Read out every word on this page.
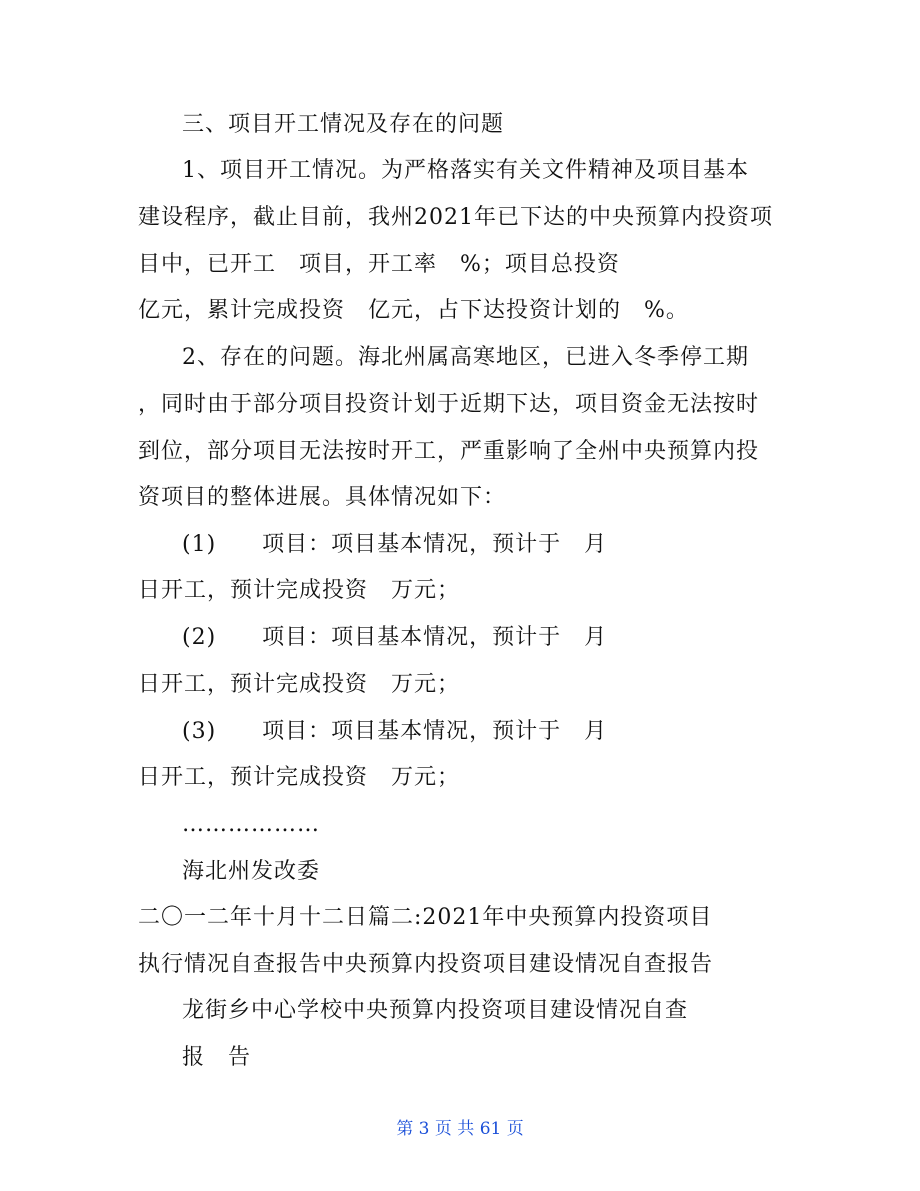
三、项目开工情况及存在的问题
1、项目开工情况。为严格落实有关文件精神及项目基本
建设程序，截止目前，我州2021年已下达的中央预算内投资项
目中，已开工　项目，开工率　%；项目总投资
亿元，累计完成投资　亿元，占下达投资计划的　%。
2、存在的问题。海北州属高寒地区，已进入冬季停工期
，同时由于部分项目投资计划于近期下达，项目资金无法按时
到位，部分项目无法按时开工，严重影响了全州中央预算内投
资项目的整体进展。具体情况如下：
(1)　　项目：项目基本情况，预计于　月
日开工，预计完成投资　万元；
(2)　　项目：项目基本情况，预计于　月
日开工，预计完成投资　万元；
(3)　　项目：项目基本情况，预计于　月
日开工，预计完成投资　万元；
………………
海北州发改委
二〇一二年十月十二日篇二:2021年中央预算内投资项目
执行情况自查报告中央预算内投资项目建设情况自查报告
龙街乡中心学校中央预算内投资项目建设情况自查
报　告
第 3 页 共 61 页
